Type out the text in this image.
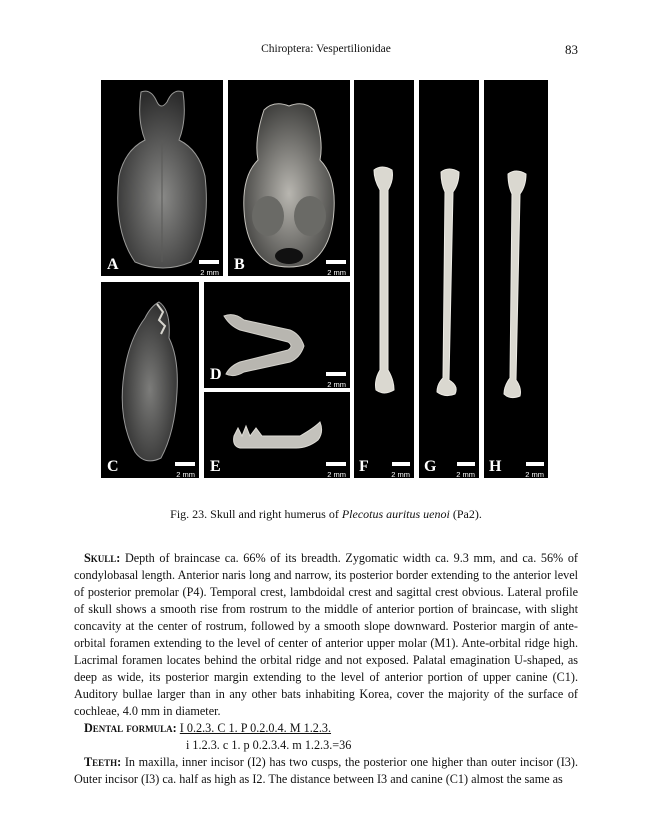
Chiroptera: Vespertilionidae	83
A	2 mm B	2 mm
C	2 mm
D
2 mm
E	2 mm F	2 mm G	2 mm H	2 mm
Fig. 23. Skull and right humerus of Plecotus auritus uenoi (Pa2).

Skull: Depth of braincase ca. 66% of its breadth. Zygomatic width ca. 9.3 mm, and ca. 56% of condylobasal length. Anterior naris long and narrow, its posterior border extending to the anterior level of posterior premolar (P4). Temporal crest, lambdoidal crest and sagittal crest obvious. Lateral profile of skull shows a smooth rise from rostrum to the middle of anterior portion of braincase, with slight concavity at the center of rostrum, followed by a smooth slope downward. Posterior margin of ante-orbital foramen extending to the level of center of anterior upper molar (M1). Ante-orbital ridge high. Lacrimal foramen locates behind the orbital ridge and not exposed. Palatal emagination U-shaped, as deep as wide, its posterior margin extending to the level of anterior portion of upper canine (C1). Auditory bullae larger than in any other bats inhabiting Korea, cover the majority of the surface of cochleae, 4.0 mm in diameter.

Dental formula: I 0.2.3. C 1. P 0.2.0.4. M 1.2.3.
i 1.2.3. c 1. p 0.2.3.4. m 1.2.3.=36

Teeth: In maxilla, inner incisor (I2) has two cusps, the posterior one higher than outer incisor (I3). Outer incisor (I3) ca. half as high as I2. The distance between I3 and canine (C1) almost the same as
